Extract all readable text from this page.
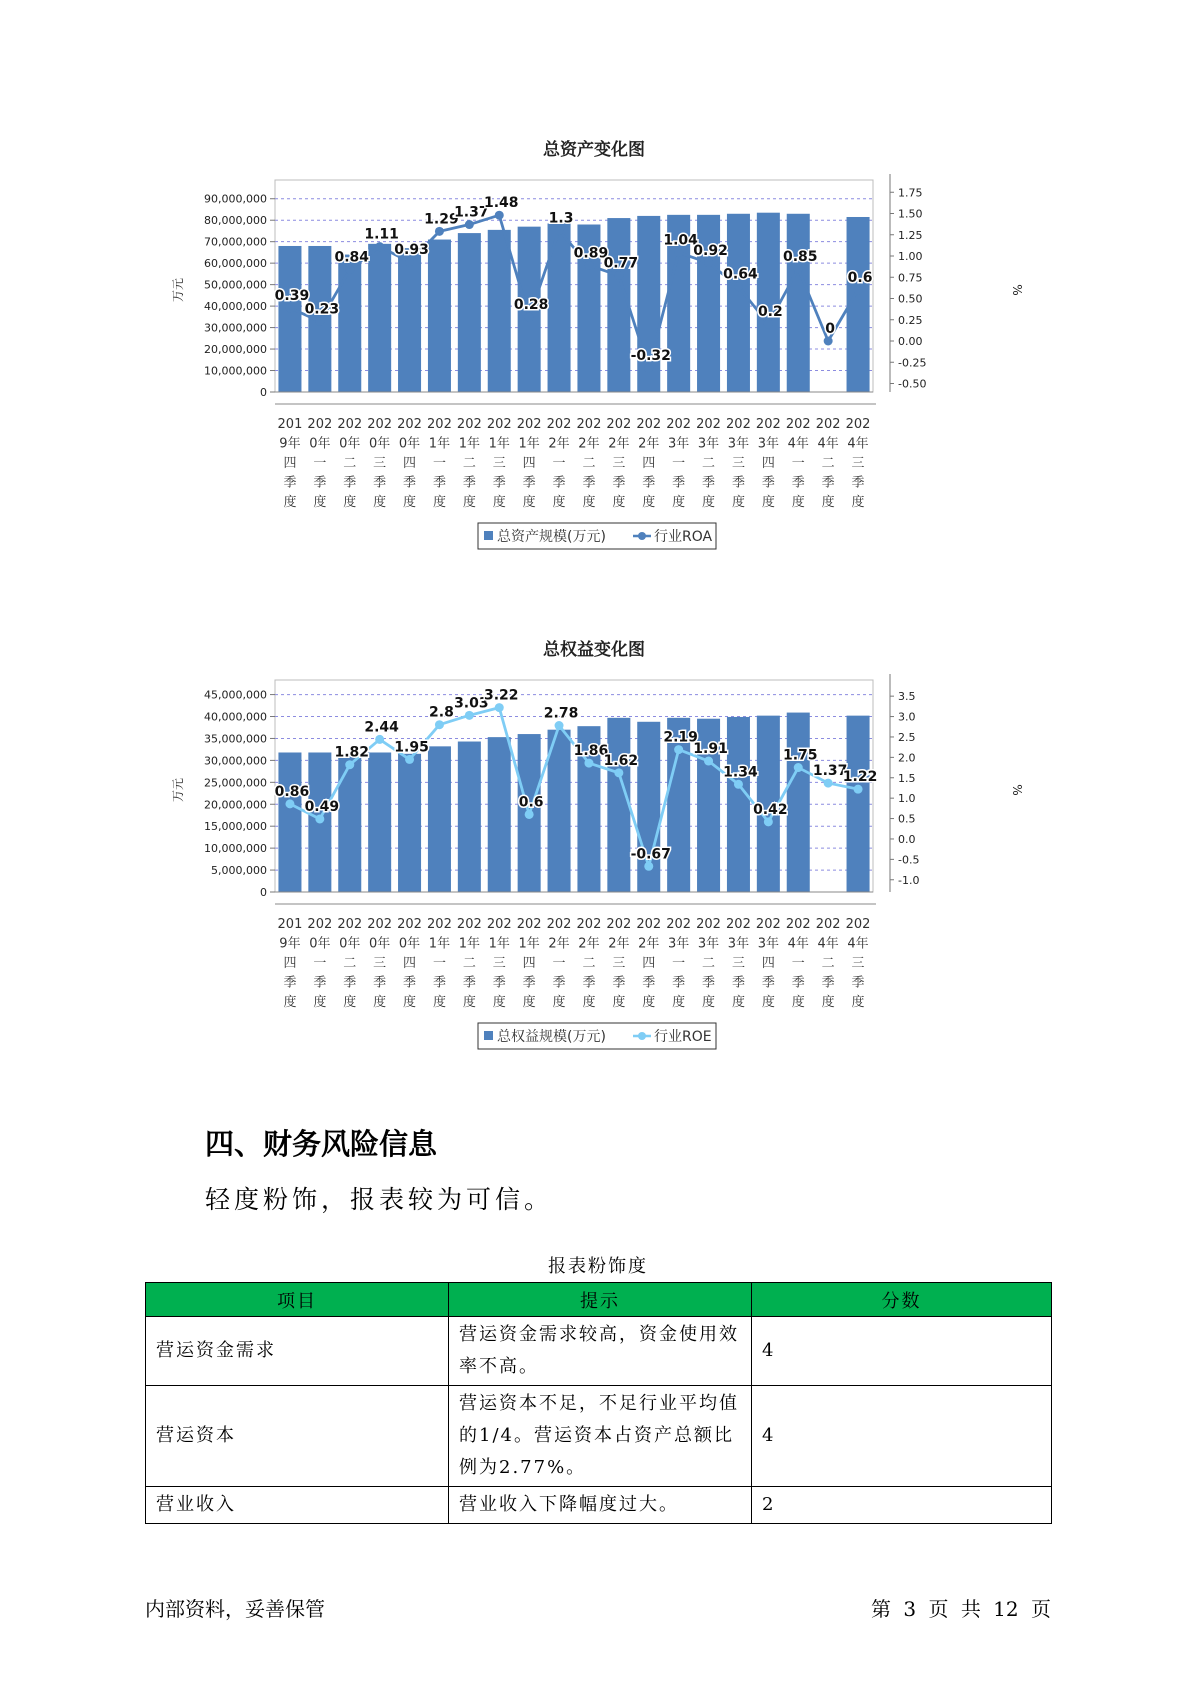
总资产变化图
0
10,000,000
20,000,000
30,000,000
40,000,000
50,000,000
60,000,000
70,000,000
80,000,000
90,000,000
-0.50
-0.25
0.00
0.25
0.50
0.75
1.00
1.25
1.50
1.75
万元	%
0.39
0.23
0.84
1.11
0.93
1.29
1.37
1.48
0.28
1.3
0.89
0.77
-0.32
1.04
0.92
0.64
0.2
0.85
0
0.6
201
9年
四
季
度
202
0年
一
季
度
202
0年
二
季
度
202
0年
三
季
度
202
0年
四
季
度
202
1年
一
季
度
202
1年
二
季
度
202
1年
三
季
度
202
1年
四
季
度
202
2年
一
季
度
202
2年
二
季
度
202
2年
三
季
度
202
2年
四
季
度
202
3年
一
季
度
202
3年
二
季
度
202
3年
三
季
度
202
3年
四
季
度
202
4年
一
季
度
202
4年
二
季
度
202
4年
三
季
度
总资产规模(万元)	行业ROA
总权益变化图
0
5,000,000
10,000,000
15,000,000
20,000,000
25,000,000
30,000,000
35,000,000
40,000,000
45,000,000
-1.0
-0.5
0.0
0.5
1.0
1.5
2.0
2.5
3.0
3.5
万元	%
0.86
0.49
1.82
2.44
1.95
2.8
3.03
3.22
0.6
2.78
1.86
1.62
-0.67
2.19
1.91
1.34
0.42
1.75
1.37
1.22
201
9年
四
季
度
202
0年
一
季
度
202
0年
二
季
度
202
0年
三
季
度
202
0年
四
季
度
202
1年
一
季
度
202
1年
二
季
度
202
1年
三
季
度
202
1年
四
季
度
202
2年
一
季
度
202
2年
二
季
度
202
2年
三
季
度
202
2年
四
季
度
202
3年
一
季
度
202
3年
二
季
度
202
3年
三
季
度
202
3年
四
季
度
202
4年
一
季
度
202
4年
二
季
度
202
4年
三
季
度
总权益规模(万元)	行业ROE
四、财务风险信息

轻度粉饰，报表较为可信。

报表粉饰度
项目	提示	分数
营运资金需求	营运资金需求较高，资金使用效率不高。	4
营运资本	营运资本不足，不足行业平均值的1/4。营运资本占资产总额比例为2.77%。	4
营业收入	营业收入下降幅度过大。	2
内部资料，妥善保管	第 3 页 共 12 页
